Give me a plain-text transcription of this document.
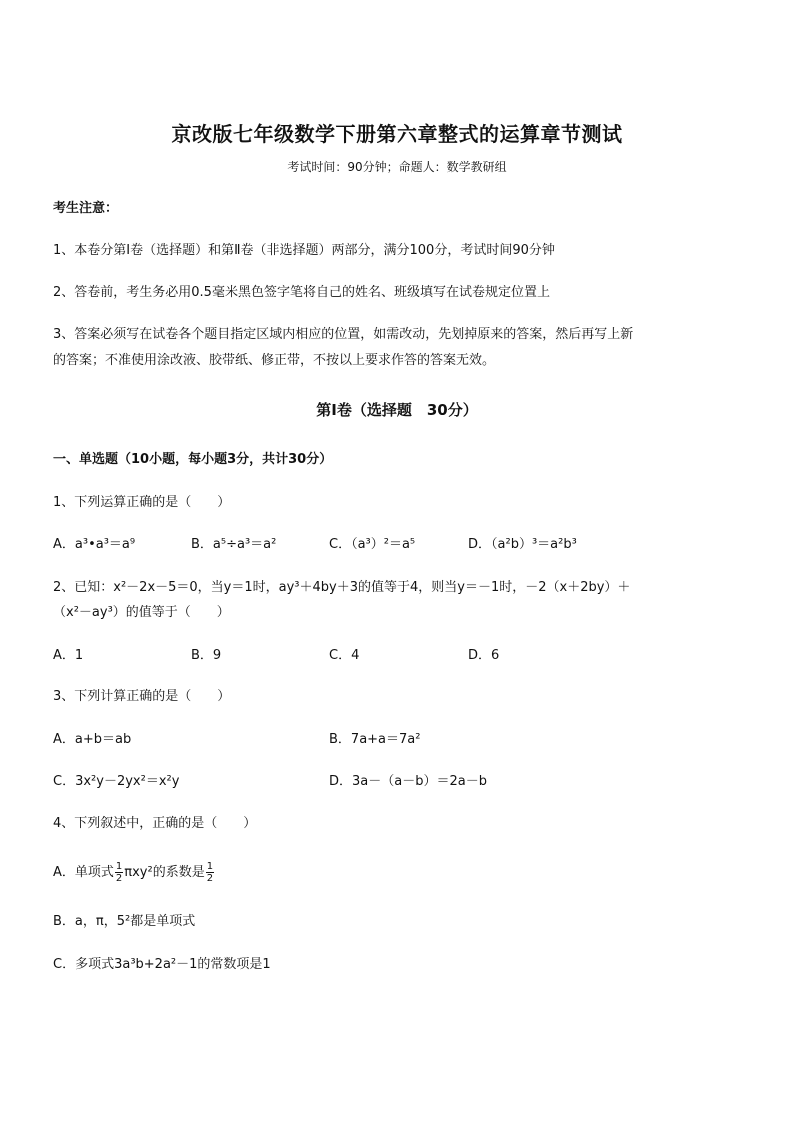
京改版七年级数学下册第六章整式的运算章节测试
考试时间：90分钟；命题人：数学教研组
考生注意：
1、本卷分第Ⅰ卷（选择题）和第Ⅱ卷（非选择题）两部分，满分100分，考试时间90分钟
2、答卷前，考生务必用0.5毫米黑色签字笔将自己的姓名、班级填写在试卷规定位置上
3、答案必须写在试卷各个题目指定区域内相应的位置，如需改动，先划掉原来的答案，然后再写上新
的答案；不准使用涂改液、胶带纸、修正带，不按以上要求作答的答案无效。
第Ⅰ卷（选择题　30分）
一、单选题（10小题，每小题3分，共计30分）
1、下列运算正确的是（　　）
A．a³•a³＝a⁹	B．a⁵÷a³＝a²	C．（a³）²＝a⁵	D．（a²b）³＝a²b³
2、已知：x²－2x－5＝0，当y＝1时，ay³＋4by＋3的值等于4，则当y＝－1时，－2（x＋2by）＋
（x²－ay³）的值等于（　　）
A．1	B．9	C．4	D．6
3、下列计算正确的是（　　）
A．a+b＝ab	B．7a+a＝7a²
C．3x²y－2yx²＝x²y	D．3a－（a－b）＝2a－b
4、下列叙述中，正确的是（　　）
A．单项式 $\frac{1}{2} \pi xy^2$的系数是 $\frac{1}{2}$
B．a，π，5²都是单项式
C．多项式3a³b+2a²－1的常数项是1
